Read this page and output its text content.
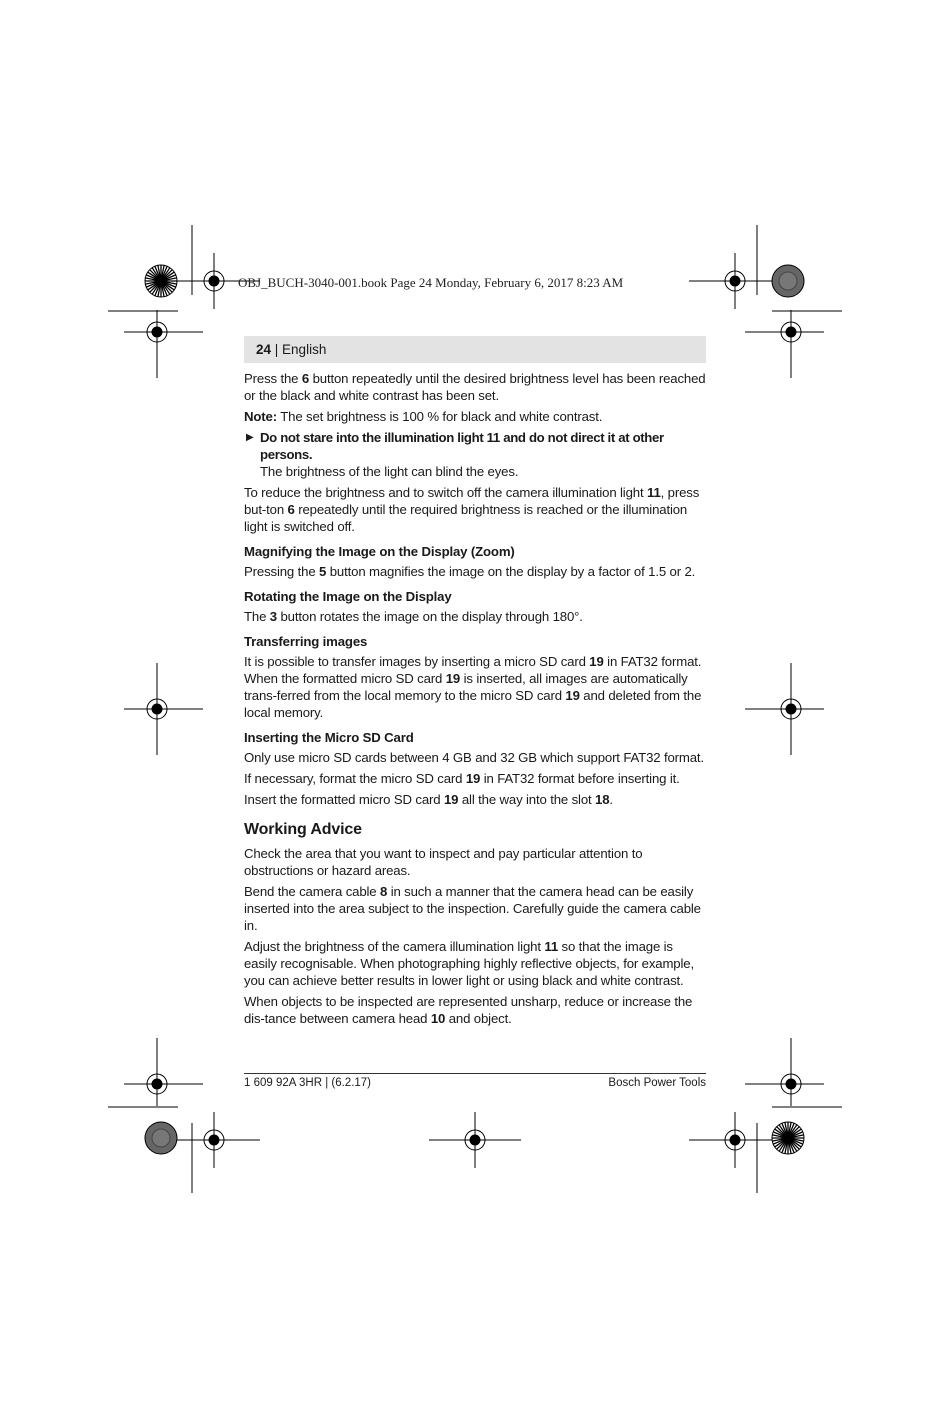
OBJ_BUCH-3040-001.book Page 24 Monday, February 6, 2017 8:23 AM
24 | English

Press the 6 button repeatedly until the desired brightness level has been reached or the black and white contrast has been set.

Note: The set brightness is 100 % for black and white contrast.

▶ Do not stare into the illumination light 11 and do not direct it at other persons.
The brightness of the light can blind the eyes.

To reduce the brightness and to switch off the camera illumination light 11, press but-ton 6 repeatedly until the required brightness is reached or the illumination light is switched off.

Magnifying the Image on the Display (Zoom)

Pressing the 5 button magnifies the image on the display by a factor of 1.5 or 2.

Rotating the Image on the Display

The 3 button rotates the image on the display through 180°.

Transferring images

It is possible to transfer images by inserting a micro SD card 19 in FAT32 format. When the formatted micro SD card 19 is inserted, all images are automatically trans-ferred from the local memory to the micro SD card 19 and deleted from the local memory.

Inserting the Micro SD Card

Only use micro SD cards between 4 GB and 32 GB which support FAT32 format.

If necessary, format the micro SD card 19 in FAT32 format before inserting it.

Insert the formatted micro SD card 19 all the way into the slot 18.

Working Advice

Check the area that you want to inspect and pay particular attention to obstructions or hazard areas.

Bend the camera cable 8 in such a manner that the camera head can be easily inserted into the area subject to the inspection. Carefully guide the camera cable in.

Adjust the brightness of the camera illumination light 11 so that the image is easily recognisable. When photographing highly reflective objects, for example, you can achieve better results in lower light or using black and white contrast.

When objects to be inspected are represented unsharp, reduce or increase the dis-tance between camera head 10 and object.

1 609 92A 3HR | (6.2.17)	Bosch Power Tools
